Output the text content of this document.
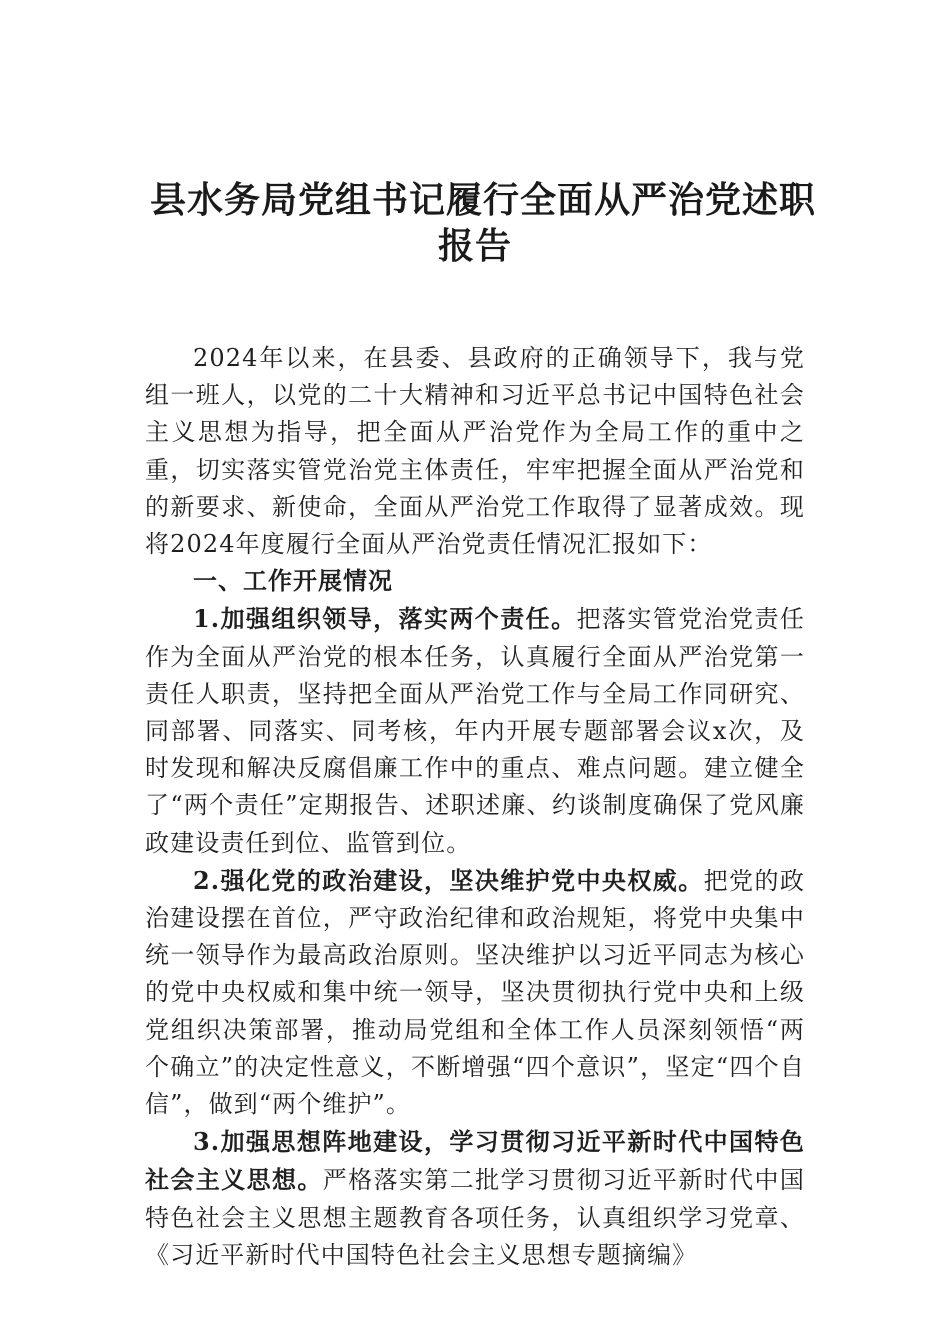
县水务局党组书记履行全面从严治党述职
报告

2024年以来，在县委、县政府的正确领导下，我与党组一班人，以党的二十大精神和习近平总书记中国特色社会主义思想为指导，把全面从严治党作为全局工作的重中之重，切实落实管党治党主体责任，牢牢把握全面从严治党和的新要求、新使命，全面从严治党工作取得了显著成效。现将2024年度履行全面从严治党责任情况汇报如下：

一、工作开展情况

1.加强组织领导，落实两个责任。把落实管党治党责任作为全面从严治党的根本任务，认真履行全面从严治党第一责任人职责，坚持把全面从严治党工作与全局工作同研究、同部署、同落实、同考核，年内开展专题部署会议x次，及时发现和解决反腐倡廉工作中的重点、难点问题。建立健全了“两个责任”定期报告、述职述廉、约谈制度确保了党风廉政建设责任到位、监管到位。

2.强化党的政治建设，坚决维护党中央权威。把党的政治建设摆在首位，严守政治纪律和政治规矩，将党中央集中统一领导作为最高政治原则。坚决维护以习近平同志为核心的党中央权威和集中统一领导，坚决贯彻执行党中央和上级党组织决策部署，推动局党组和全体工作人员深刻领悟“两个确立”的决定性意义，不断增强“四个意识”，坚定“四个自信”，做到“两个维护”。

3.加强思想阵地建设，学习贯彻习近平新时代中国特色社会主义思想。严格落实第二批学习贯彻习近平新时代中国特色社会主义思想主题教育各项任务，认真组织学习党章、《习近平新时代中国特色社会主义思想专题摘编》
